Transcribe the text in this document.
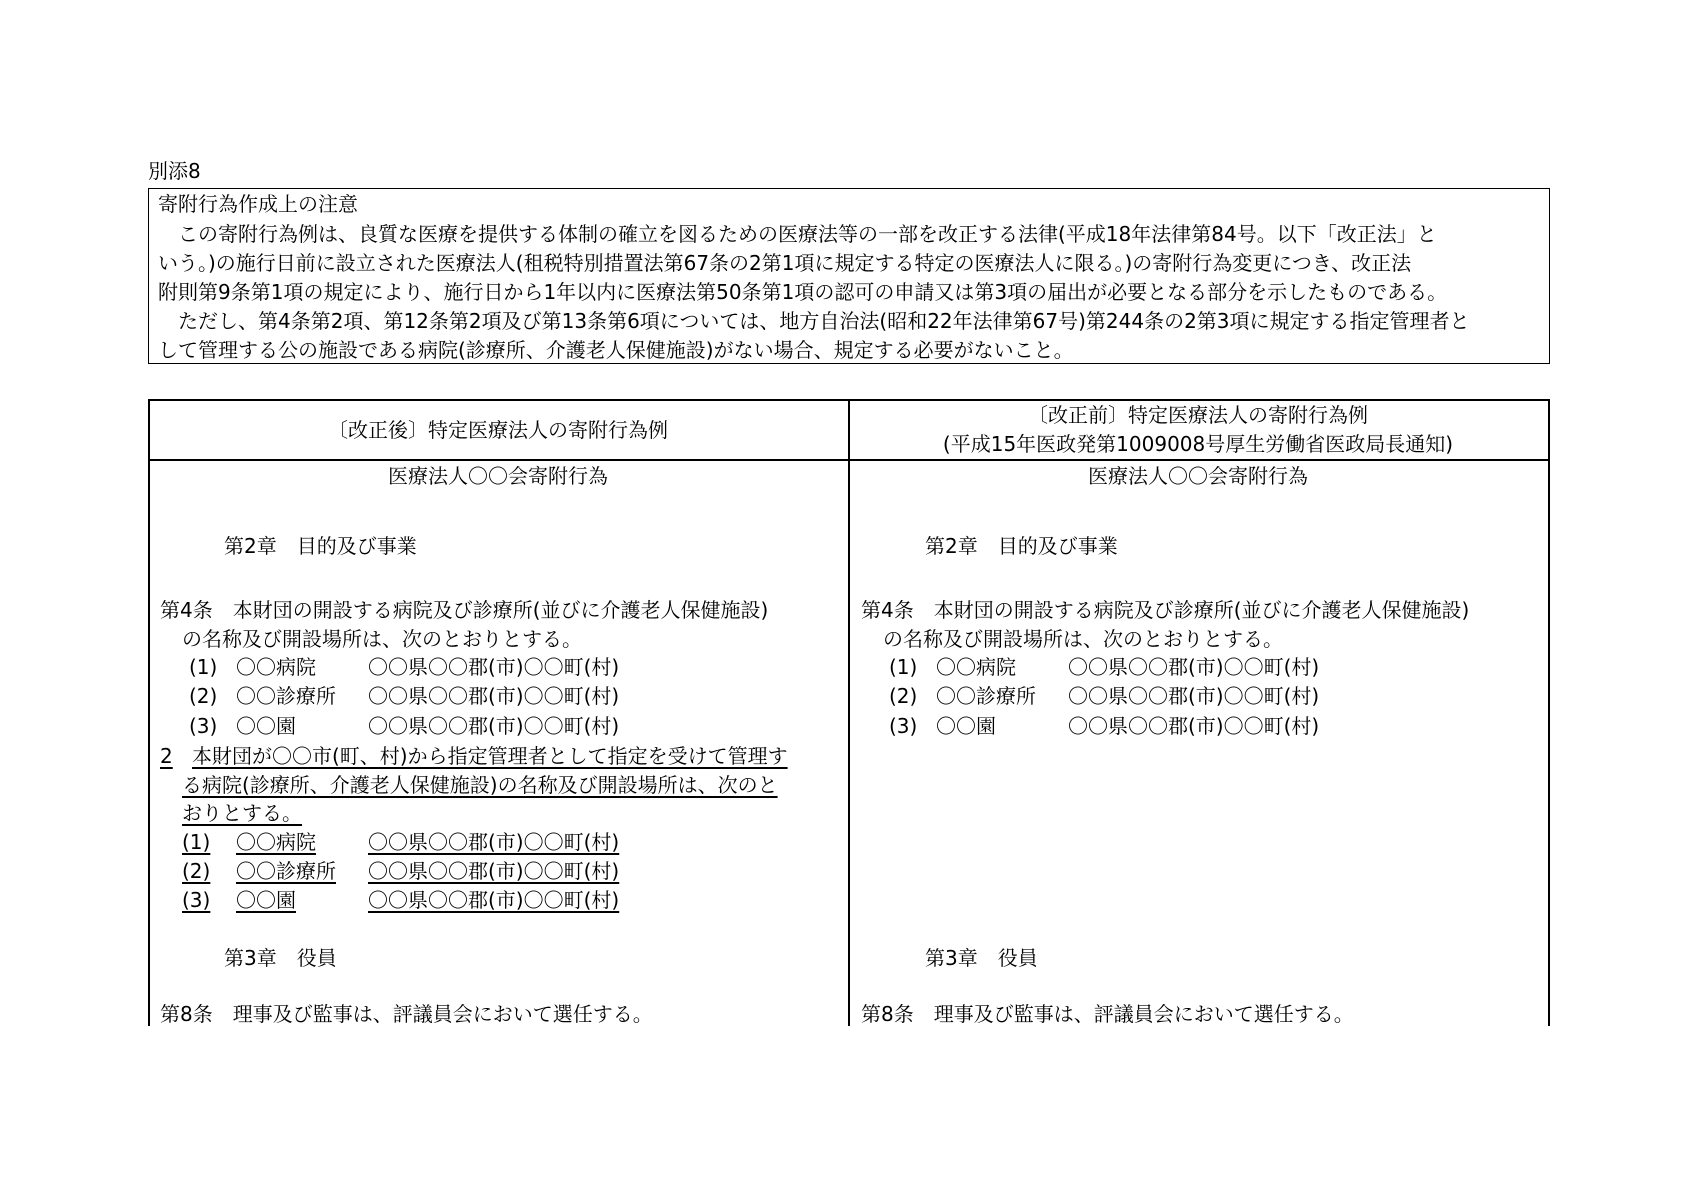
別添8
寄附行為作成上の注意
　この寄附行為例は、良質な医療を提供する体制の確立を図るための医療法等の一部を改正する法律(平成18年法律第84号。以下「改正法」と
いう。)の施行日前に設立された医療法人(租税特別措置法第67条の2第1項に規定する特定の医療法人に限る。)の寄附行為変更につき、改正法
附則第9条第1項の規定により、施行日から1年以内に医療法第50条第1項の認可の申請又は第3項の届出が必要となる部分を示したものである。
　ただし、第4条第2項、第12条第2項及び第13条第6項については、地方自治法(昭和22年法律第67号)第244条の2第3項に規定する指定管理者と
して管理する公の施設である病院(診療所、介護老人保健施設)がない場合、規定する必要がないこと。
〔改正後〕特定医療法人の寄附行為例
〔改正前〕特定医療法人の寄附行為例
(平成15年医政発第1009008号厚生労働省医政局長通知)
医療法人〇〇会寄附行為
第2章　目的及び事業
第4条　本財団の開設する病院及び診療所(並びに介護老人保健施設)
の名称及び開設場所は、次のとおりとする。
(1) 〇〇病院	〇〇県〇〇郡(市)〇〇町(村)
(2) 〇〇診療所 〇〇県〇〇郡(市)〇〇町(村)
(3) 〇〇園	〇〇県〇〇郡(市)〇〇町(村)
2 本財団が〇〇市(町、村)から指定管理者として指定を受けて管理す
る病院(診療所、介護老人保健施設)の名称及び開設場所は、次のと
おりとする。
(1) 〇〇病院	〇〇県〇〇郡(市)〇〇町(村)
(2) 〇〇診療所 〇〇県〇〇郡(市)〇〇町(村)
(3) 〇〇園	〇〇県〇〇郡(市)〇〇町(村)
第3章　役員
第8条　理事及び監事は、評議員会において選任する。
医療法人〇〇会寄附行為
第2章　目的及び事業
第4条　本財団の開設する病院及び診療所(並びに介護老人保健施設)
の名称及び開設場所は、次のとおりとする。
(1) 〇〇病院	〇〇県〇〇郡(市)〇〇町(村)
(2) 〇〇診療所 〇〇県〇〇郡(市)〇〇町(村)
(3) 〇〇園	〇〇県〇〇郡(市)〇〇町(村)
第3章　役員
第8条　理事及び監事は、評議員会において選任する。
